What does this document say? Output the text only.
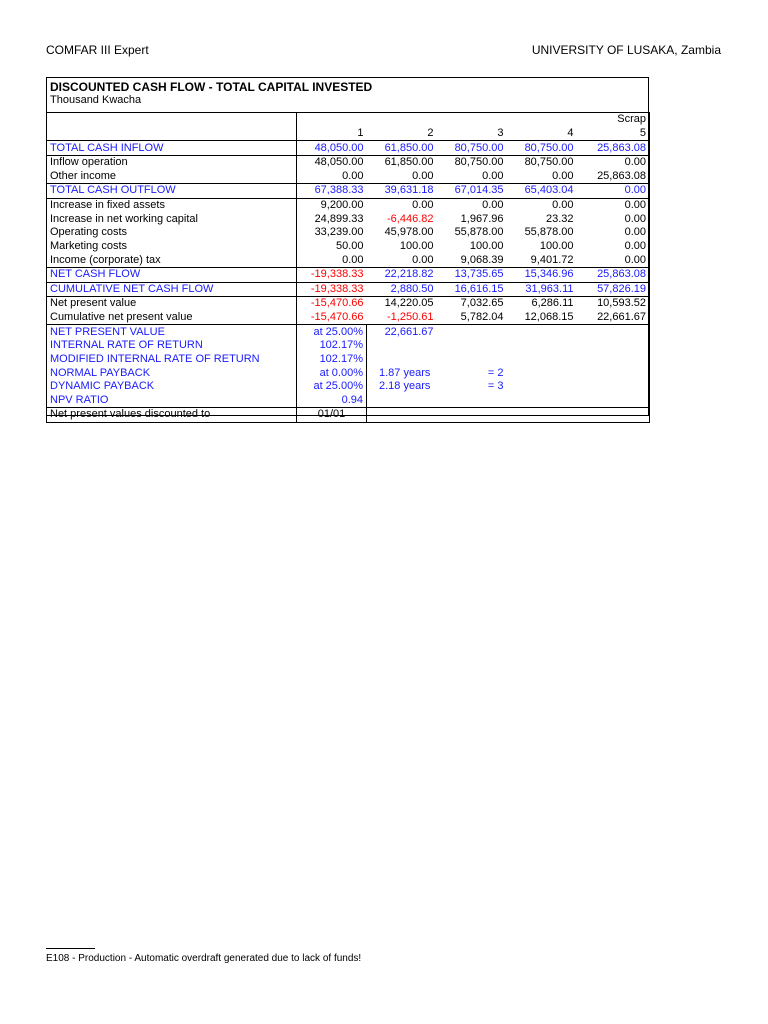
COMFAR III Expert	UNIVERSITY OF LUSAKA, Zambia
DISCOUNTED CASH FLOW - TOTAL CAPITAL INVESTED
Thousand Kwacha
					Scrap
	1	2	3	4	5
TOTAL CASH INFLOW	48,050.00	61,850.00	80,750.00	80,750.00	25,863.08
Inflow operation	48,050.00	61,850.00	80,750.00	80,750.00	0.00
Other income	0.00	0.00	0.00	0.00	25,863.08
TOTAL CASH OUTFLOW	67,388.33	39,631.18	67,014.35	65,403.04	0.00
Increase in fixed assets	9,200.00	0.00	0.00	0.00	0.00
Increase in net working capital	24,899.33	-6,446.82	1,967.96	23.32	0.00
Operating costs	33,239.00	45,978.00	55,878.00	55,878.00	0.00
Marketing costs	50.00	100.00	100.00	100.00	0.00
Income (corporate) tax	0.00	0.00	9,068.39	9,401.72	0.00
NET CASH FLOW	-19,338.33	22,218.82	13,735.65	15,346.96	25,863.08
CUMULATIVE NET CASH FLOW	-19,338.33	2,880.50	16,616.15	31,963.11	57,826.19
Net present value	-15,470.66	14,220.05	7,032.65	6,286.11	10,593.52
Cumulative net present value	-15,470.66	-1,250.61	5,782.04	12,068.15	22,661.67
NET PRESENT VALUE	at 25.00%	22,661.67			
INTERNAL RATE OF RETURN	102.17%				
MODIFIED INTERNAL RATE OF RETURN	102.17%				
NORMAL PAYBACK	at 0.00%	1.87 years	= 2		
DYNAMIC PAYBACK	at 25.00%	2.18 years	= 3		
NPV RATIO	0.94				
Net present values discounted to	01/01				
E108 - Production - Automatic overdraft generated due to lack of funds!
